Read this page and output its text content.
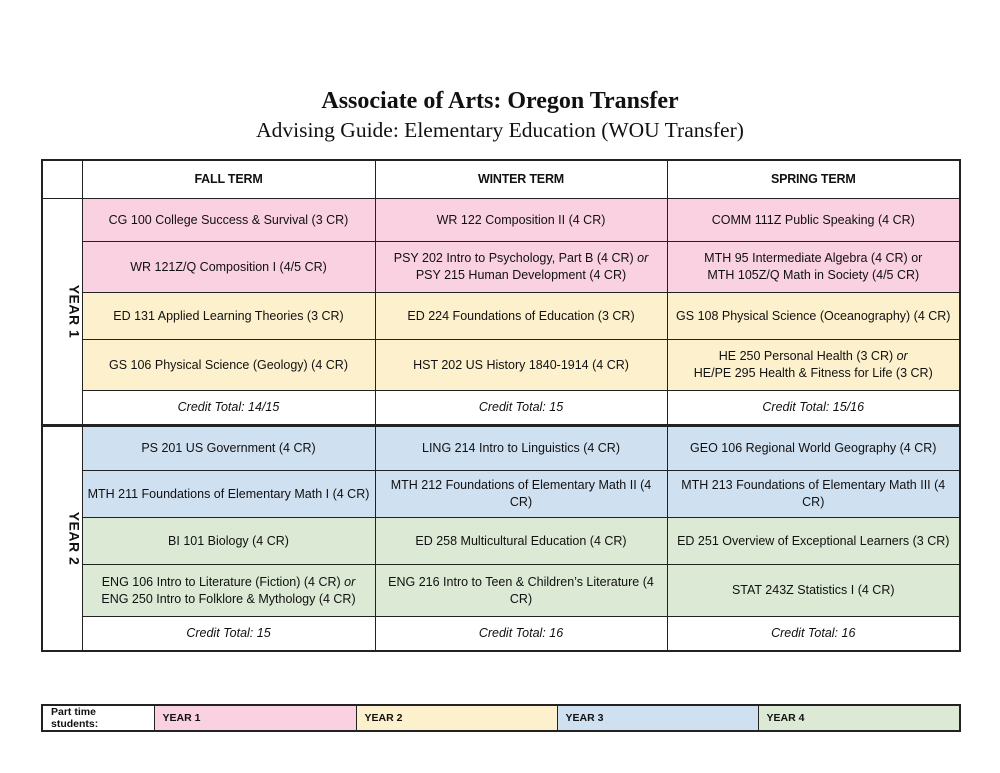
Associate of Arts: Oregon Transfer
Advising Guide: Elementary Education (WOU Transfer)
	FALL TERM	WINTER TERM	SPRING TERM
YEAR 1	CG 100 College Success & Survival (3 CR)	WR 122 Composition II (4 CR)	COMM 111Z Public Speaking (4 CR)
	WR 121Z/Q Composition I (4/5 CR)	PSY 202 Intro to Psychology, Part B (4 CR) or
PSY 215 Human Development (4 CR)	MTH 95 Intermediate Algebra (4 CR) or
MTH 105Z/Q Math in Society (4/5 CR)
	ED 131 Applied Learning Theories (3 CR)	ED 224 Foundations of Education (3 CR)	GS 108 Physical Science (Oceanography) (4 CR)
	GS 106 Physical Science (Geology) (4 CR)	HST 202 US History 1840-1914 (4 CR)	HE 250 Personal Health (3 CR) or
HE/PE 295 Health & Fitness for Life (3 CR)
	Credit Total: 14/15	Credit Total: 15	Credit Total: 15/16
YEAR 2	PS 201 US Government (4 CR)	LING 214 Intro to Linguistics (4 CR)	GEO 106 Regional World Geography (4 CR)
	MTH 211 Foundations of Elementary Math I (4 CR)	MTH 212 Foundations of Elementary Math II (4 CR)	MTH 213 Foundations of Elementary Math III (4 CR)
	BI 101 Biology (4 CR)	ED 258 Multicultural Education (4 CR)	ED 251 Overview of Exceptional Learners (3 CR)
	ENG 106 Intro to Literature (Fiction) (4 CR) or
ENG 250 Intro to Folklore & Mythology (4 CR)	ENG 216 Intro to Teen & Children’s Literature (4 CR)	STAT 243Z Statistics I (4 CR)
	Credit Total: 15	Credit Total: 16	Credit Total: 16
Part time students:	YEAR 1	YEAR 2	YEAR 3	YEAR 4
